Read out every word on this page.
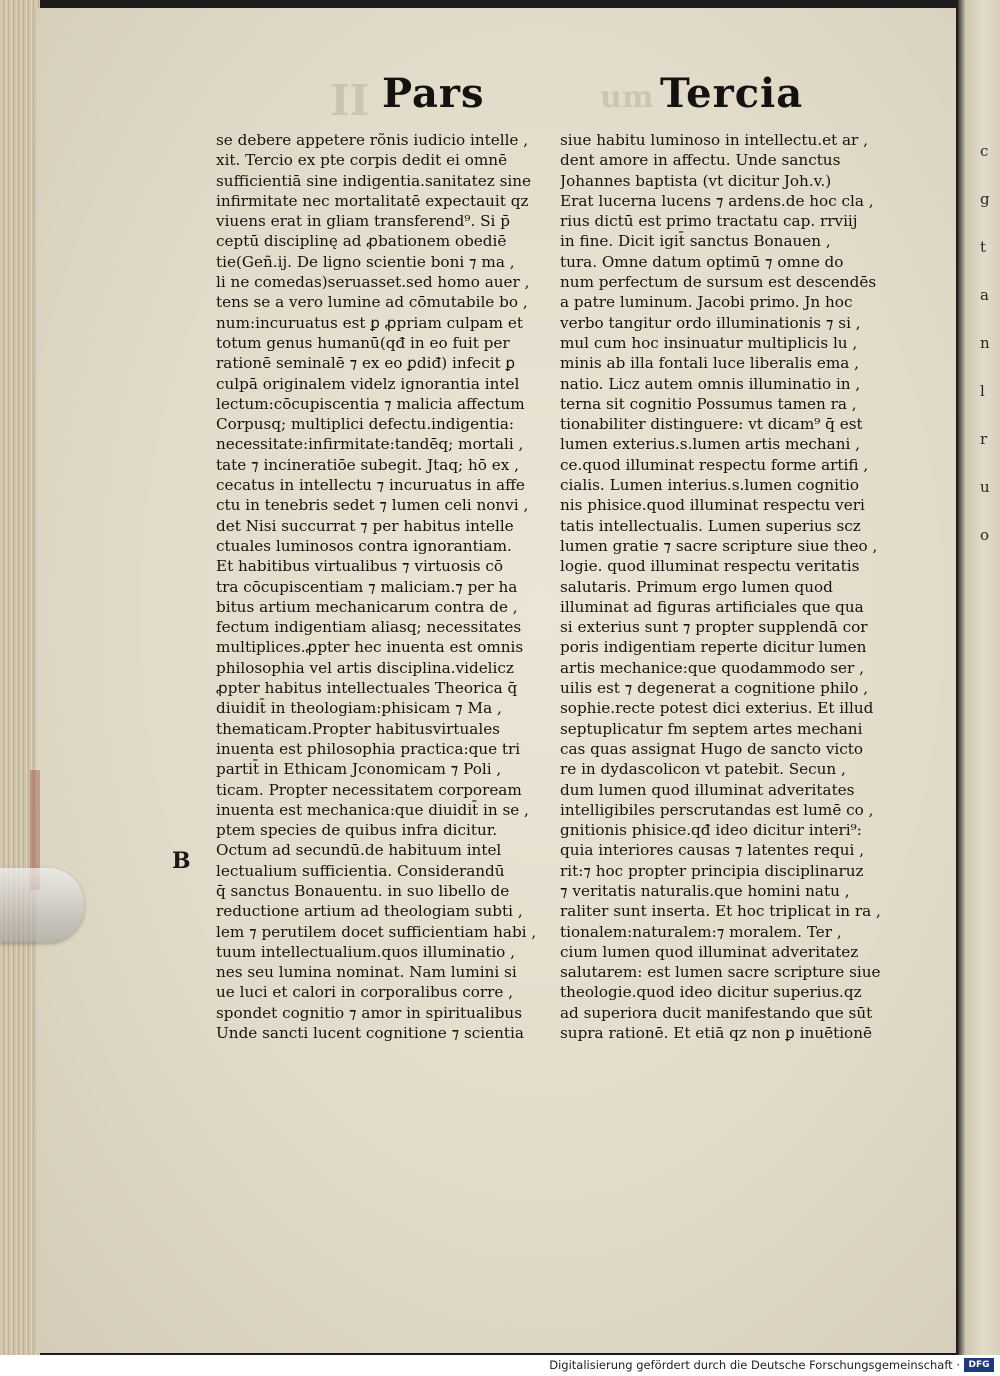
c
g
t
a
n
l
r
u
o
II	um
Pars	Tercia
se debere appetere rõnis iudicio intelle ,
xit. Tercio ex pte corpis dedit ei omnē
sufficientiā sine indigentia.sanitatez sine
infirmitate nec mortalitatē expectauit qz
viuens erat in gliam transferend⁹. Si p̄
ceptū disciplinę ad ꝓbationem obediē
tie(Geñ.ij. De ligno scientie boni ⁊ ma ,
li ne comedas)seruasset.sed homo auer ,
tens se a vero lumine ad cōmutabile bo ,
num:incuruatus est ꝑ ꝓpriam culpam et
totum genus humanū(qđ in eo fuit per
rationē seminalē ⁊ ex eo ꝑdiđ) infecit ꝑ
culpā originalem videlz ignorantia intel
lectum:cōcupiscentia ⁊ malicia affectum
Corpusq; multiplici defectu.indigentia:
necessitate:infirmitate:tandēq; mortali ,
tate ⁊ incineratiōe subegit. Jtaq; hō ex ,
cecatus in intellectu ⁊ incuruatus in affe
ctu in tenebris sedet ⁊ lumen celi nonvi ,
det Nisi succurrat ⁊ per habitus intelle
ctuales luminosos contra ignorantiam.
Et habitibus virtualibus ⁊ virtuosis cō
tra cōcupiscentiam ⁊ maliciam.⁊ per ha
bitus artium mechanicarum contra de ,
fectum indigentiam aliasq; necessitates
multiplices.ꝓpter hec inuenta est omnis
philosophia vel artis disciplina.videlicz
ꝓpter habitus intellectuales Theorica q̄
diuidit̄ in theologiam:phisicam ⁊ Ma ,
thematicam.Propter habitusvirtuales
inuenta est philosophia practica:que tri
partit̄ in Ethicam Jconomicam ⁊ Poli ,
ticam. Propter necessitatem corpoream
inuenta est mechanica:que diuidit̄ in se ,
ptem species de quibus infra dicitur.
Octum ad secundū.de habituum intel
lectualium sufficientia. Considerandū
q̄ sanctus Bonauentu. in suo libello de
reductione artium ad theologiam subti ,
lem ⁊ perutilem docet sufficientiam habi ,
tuum intellectualium.quos illuminatio ,
nes seu lumina nominat. Nam lumini si
ue luci et calori in corporalibus corre ,
spondet cognitio ⁊ amor in spiritualibus
Unde sancti lucent cognitione ⁊ scientia
siue habitu luminoso in intellectu.et ar ,
dent amore in affectu. Unde sanctus
Johannes baptista (vt dicitur Joh.v.)
Erat lucerna lucens ⁊ ardens.de hoc cla ,
rius dictū est primo tractatu cap. rrviij
in fine. Dicit igit̄ sanctus Bonauen ,
tura. Omne datum optimū ⁊ omne do
num perfectum de sursum est descendēs
a patre luminum. Jacobi primo. Jn hoc
verbo tangitur ordo illuminationis ⁊ si ,
mul cum hoc insinuatur multiplicis lu ,
minis ab illa fontali luce liberalis ema ,
natio. Licz autem omnis illuminatio in ,
terna sit cognitio Possumus tamen ra ,
tionabiliter distinguere: vt dicam⁹ q̄ est
lumen exterius.s.lumen artis mechani ,
ce.quod illuminat respectu forme artifi ,
cialis. Lumen interius.s.lumen cognitio
nis phisice.quod illuminat respectu veri
tatis intellectualis. Lumen superius scz
lumen gratie ⁊ sacre scripture siue theo ,
logie. quod illuminat respectu veritatis
salutaris. Primum ergo lumen quod
illuminat ad figuras artificiales que qua
si exterius sunt ⁊ propter supplendā cor
poris indigentiam reperte dicitur lumen
artis mechanice:que quodammodo ser ,
uilis est ⁊ degenerat a cognitione philo ,
sophie.recte potest dici exterius. Et illud
septuplicatur fm septem artes mechani
cas quas assignat Hugo de sancto victo
re in dydascolicon vt patebit. Secun ,
dum lumen quod illuminat adveritates
intelligibiles perscrutandas est lumē co ,
gnitionis phisice.qđ ideo dicitur interi⁹:
quia interiores causas ⁊ latentes requi ,
rit:⁊ hoc propter principia disciplinaruz
⁊ veritatis naturalis.que homini natu ,
raliter sunt inserta. Et hoc triplicat in ra ,
tionalem:naturalem:⁊ moralem. Ter ,
cium lumen quod illuminat adveritatez
salutarem: est lumen sacre scripture siue
theologie.quod ideo dicitur superius.qz
ad superiora ducit manifestando que sūt
supra rationē. Et etiā qz non ꝑ inuētionē
B
Digitalisierung gefördert durch die Deutsche Forschungsgemeinschaft · DFG
